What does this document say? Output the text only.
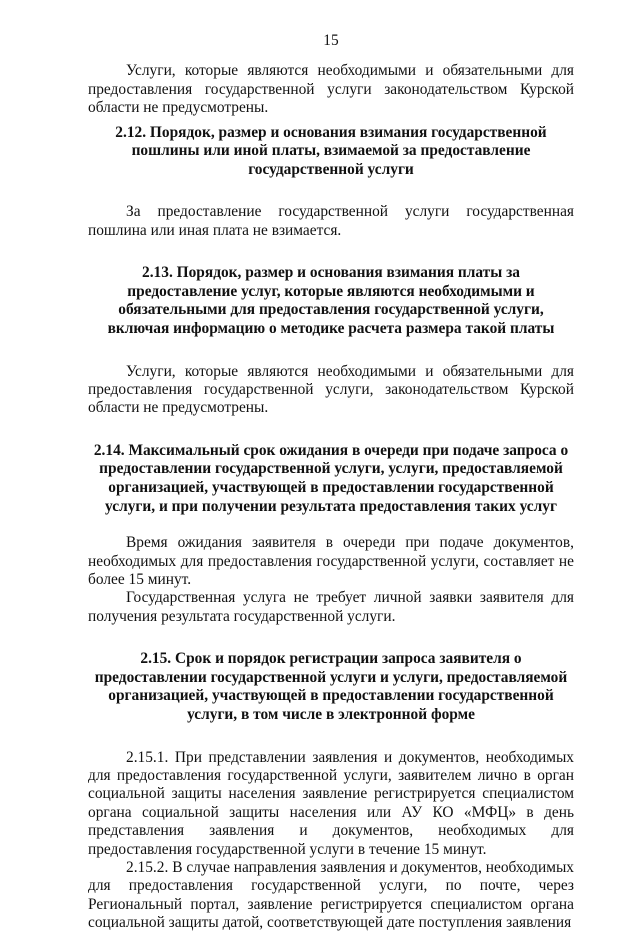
15

Услуги, которые являются необходимыми и обязательными для предоставления государственной услуги законодательством Курской области не предусмотрены.

2.12. Порядок, размер и основания взимания государственной пошлины или иной платы, взимаемой за предоставление государственной услуги

За предоставление государственной услуги государственная пошлина или иная плата не взимается.

2.13. Порядок, размер и основания взимания платы за предоставление услуг, которые являются необходимыми и обязательными для предоставления государственной услуги, включая информацию о методике расчета размера такой платы

Услуги, которые являются необходимыми и обязательными для предоставления государственной услуги, законодательством Курской области не предусмотрены.

2.14. Максимальный срок ожидания в очереди при подаче запроса о предоставлении государственной услуги, услуги, предоставляемой организацией, участвующей в предоставлении государственной услуги, и при получении результата предоставления таких услуг

Время ожидания заявителя в очереди при подаче документов, необходимых для предоставления государственной услуги, составляет не более 15 минут.

Государственная услуга не требует личной заявки заявителя для получения результата государственной услуги.

2.15. Срок и порядок регистрации запроса заявителя о предоставлении государственной услуги и услуги, предоставляемой организацией, участвующей в предоставлении государственной услуги, в том числе в электронной форме

2.15.1. При представлении заявления и документов, необходимых для предоставления государственной услуги, заявителем лично в орган социальной защиты населения заявление регистрируется специалистом органа социальной защиты населения или АУ КО «МФЦ» в день представления заявления и документов, необходимых для предоставления государственной услуги в течение 15 минут.

2.15.2. В случае направления заявления и документов, необходимых для предоставления государственной услуги, по почте, через Региональный портал, заявление регистрируется специалистом органа социальной защиты датой, соответствующей дате поступления заявления
